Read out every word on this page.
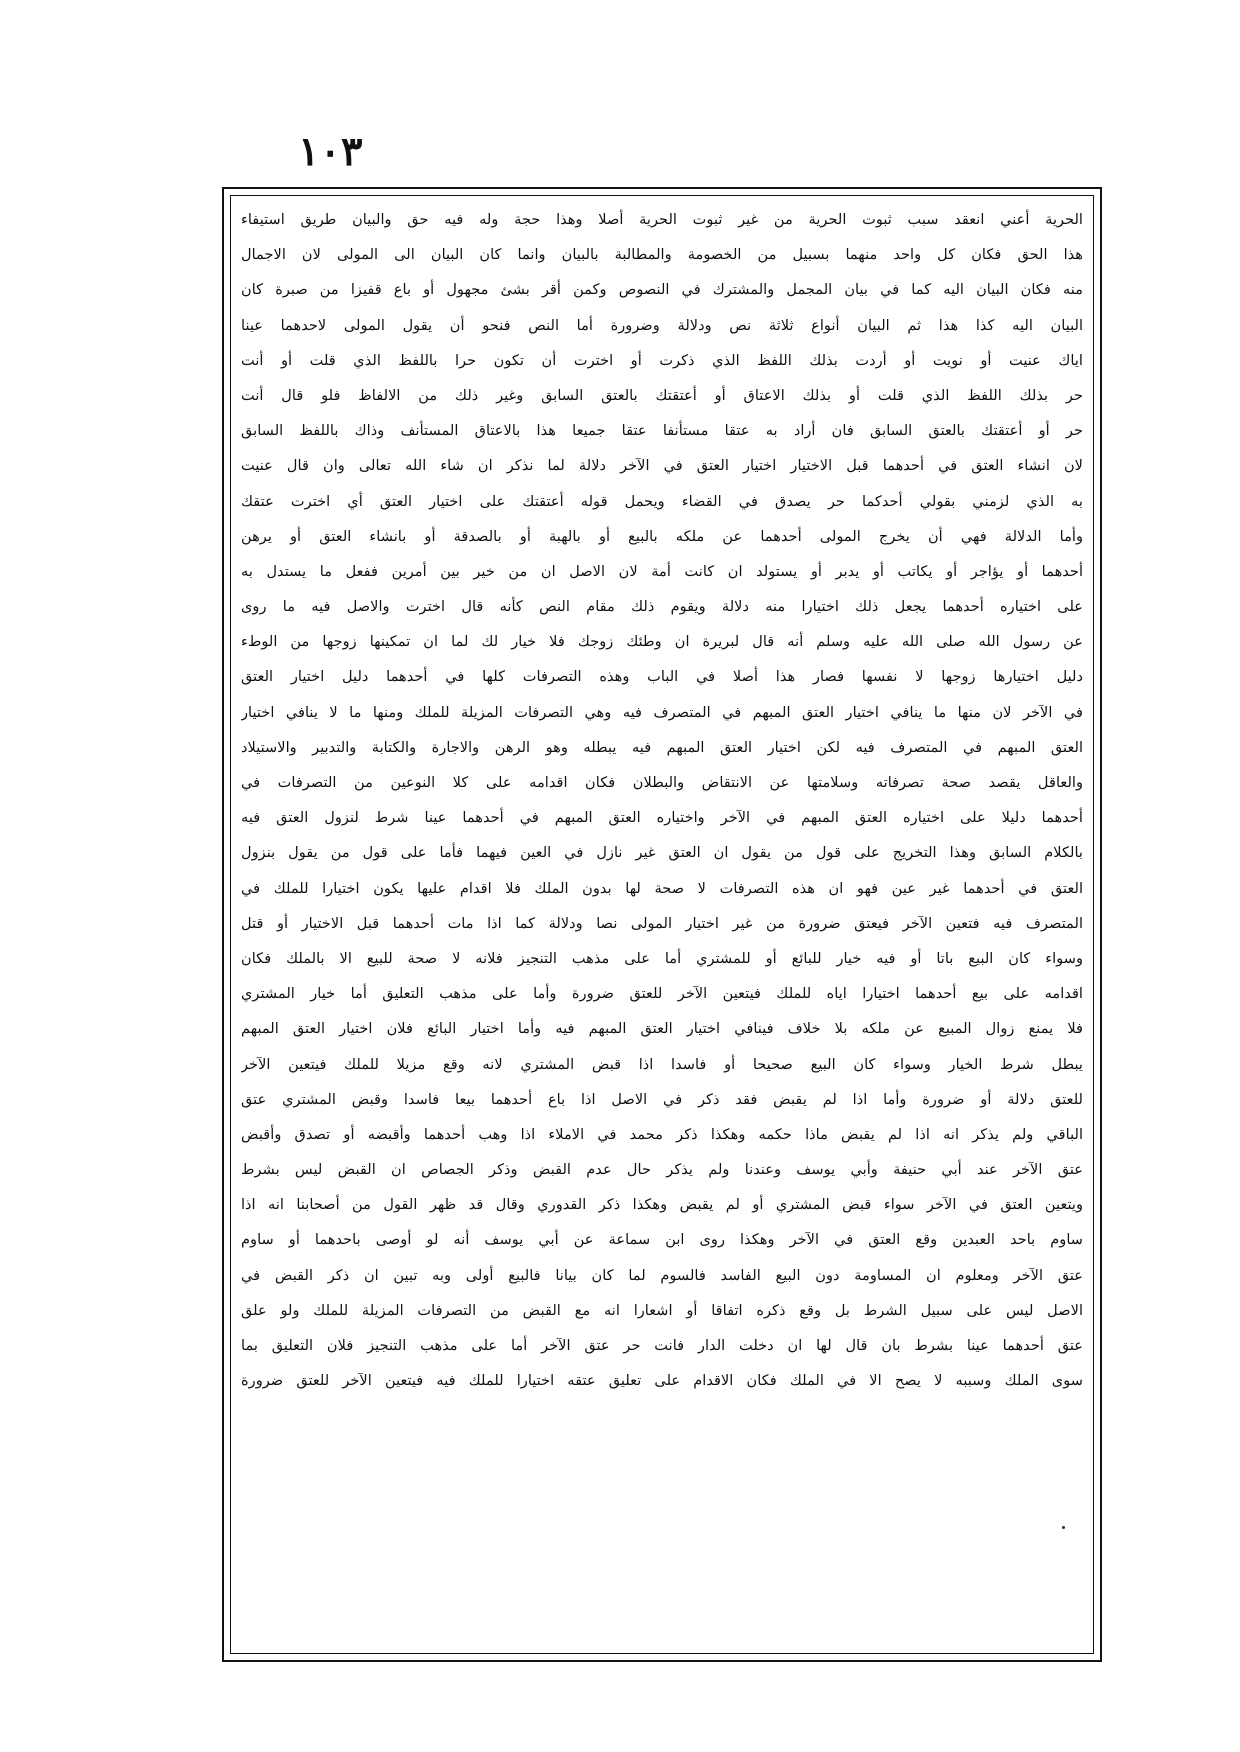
١٠٣
الحرية أعني انعقد سبب ثبوت الحرية من غير ثبوت الحرية أصلا وهذا حجة وله فيه حق والبيان طريق استيفاء
هذا الحق فكان كل واحد منهما بسبيل من الخصومة والمطالبة بالبيان وانما كان البيان الى المولى لان الاجمال
منه فكان البيان اليه كما في بيان المجمل والمشترك في النصوص وكمن أقر بشئ مجهول أو باع قفيزا من صبرة كان
البيان اليه كذا هذا ثم البيان أنواع ثلاثة نص ودلالة وضرورة أما النص فنحو أن يقول المولى لاحدهما عينا
اياك عنيت أو نويت أو أردت بذلك اللفظ الذي ذكرت أو اخترت أن تكون حرا باللفظ الذي قلت أو أنت
حر بذلك اللفظ الذي قلت أو بذلك الاعتاق أو أعتقتك بالعتق السابق وغير ذلك من الالفاظ فلو قال أنت
حر أو أعتقتك بالعتق السابق فان أراد به عتقا مستأنفا عتقا جميعا هذا بالاعتاق المستأنف وذاك باللفظ السابق
لان انشاء العتق في أحدهما قبل الاختيار اختيار العتق في الآخر دلالة لما نذكر ان شاء الله تعالى وان قال عنيت
به الذي لزمني بقولي أحدكما حر يصدق في القضاء ويحمل قوله أعتقتك على اختيار العتق أي اخترت عتقك
وأما الدلالة فهي أن يخرج المولى أحدهما عن ملكه بالبيع أو بالهبة أو بالصدقة أو بانشاء العتق أو يرهن
أحدهما أو يؤاجر أو يكاتب أو يدبر أو يستولد ان كانت أمة لان الاصل ان من خير بين أمرين ففعل ما يستدل به
على اختياره أحدهما يجعل ذلك اختيارا منه دلالة ويقوم ذلك مقام النص كأنه قال اخترت والاصل فيه ما روى
عن رسول الله صلى الله عليه وسلم أنه قال لبريرة ان وطئك زوجك فلا خيار لك لما ان تمكينها زوجها من الوطء
دليل اختيارها زوجها لا نفسها فصار هذا أصلا في الباب وهذه التصرفات كلها في أحدهما دليل اختيار العتق
في الآخر لان منها ما ينافي اختيار العتق المبهم في المتصرف فيه وهي التصرفات المزيلة للملك ومنها ما لا ينافي اختيار
العتق المبهم في المتصرف فيه لكن اختيار العتق المبهم فيه يبطله وهو الرهن والاجارة والكتابة والتدبير والاستيلاد
والعاقل يقصد صحة تصرفاته وسلامتها عن الانتقاض والبطلان فكان اقدامه على كلا النوعين من التصرفات في
أحدهما دليلا على اختياره العتق المبهم في الآخر واختياره العتق المبهم في أحدهما عينا شرط لنزول العتق فيه
بالكلام السابق وهذا التخريج على قول من يقول ان العتق غير نازل في العين فيهما فأما على قول من يقول بنزول
العتق في أحدهما غير عين فهو ان هذه التصرفات لا صحة لها بدون الملك فلا اقدام عليها يكون اختيارا للملك في
المتصرف فيه فتعين الآخر فيعتق ضرورة من غير اختيار المولى نصا ودلالة كما اذا مات أحدهما قبل الاختيار أو قتل
وسواء كان البيع باتا أو فيه خيار للبائع أو للمشتري أما على مذهب التنجيز فلانه لا صحة للبيع الا بالملك فكان
اقدامه على بيع أحدهما اختيارا اياه للملك فيتعين الآخر للعتق ضرورة وأما على مذهب التعليق أما خيار المشتري
فلا يمنع زوال المبيع عن ملكه بلا خلاف فينافي اختيار العتق المبهم فيه وأما اختيار البائع فلان اختيار العتق المبهم
يبطل شرط الخيار وسواء كان البيع صحيحا أو فاسدا اذا قبض المشتري لانه وقع مزيلا للملك فيتعين الآخر
للعتق دلالة أو ضرورة وأما اذا لم يقبض فقد ذكر في الاصل اذا باع أحدهما بيعا فاسدا وقبض المشتري عتق
الباقي ولم يذكر انه اذا لم يقبض ماذا حكمه وهكذا ذكر محمد في الاملاء اذا وهب أحدهما وأقبضه أو تصدق وأقبض
عتق الآخر عند أبي حنيفة وأبي يوسف وعندنا ولم يذكر حال عدم القبض وذكر الجصاص ان القبض ليس بشرط
ويتعين العتق في الآخر سواء قبض المشتري أو لم يقبض وهكذا ذكر القدوري وقال قد ظهر القول من أصحابنا انه اذا
ساوم باحد العبدين وقع العتق في الآخر وهكذا روى ابن سماعة عن أبي يوسف أنه لو أوصى باحدهما أو ساوم
عتق الآخر ومعلوم ان المساومة دون البيع الفاسد فالسوم لما كان بيانا فالبيع أولى وبه تبين ان ذكر القبض في
الاصل ليس على سبيل الشرط بل وقع ذكره اتفاقا أو اشعارا انه مع القبض من التصرفات المزيلة للملك ولو علق
عتق أحدهما عينا بشرط بان قال لها ان دخلت الدار فانت حر عتق الآخر أما على مذهب التنجيز فلان التعليق بما
سوى الملك وسببه لا يصح الا في الملك فكان الاقدام على تعليق عتقه اختيارا للملك فيه فيتعين الآخر للعتق ضرورة
